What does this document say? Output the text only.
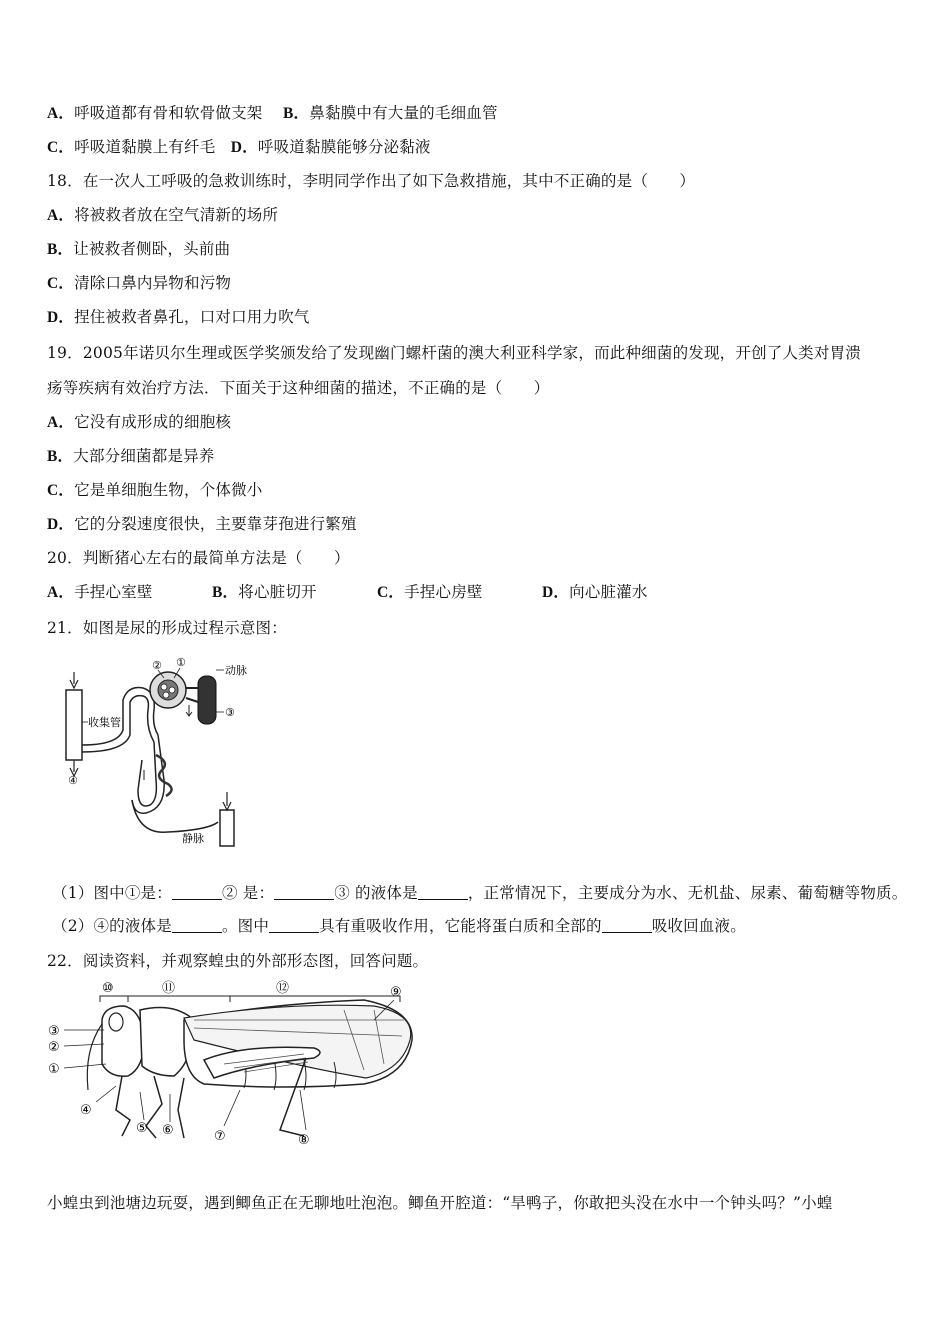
A．呼吸道都有骨和软骨做支架 B．鼻黏膜中有大量的毛细血管
C．呼吸道黏膜上有纤毛 D．呼吸道黏膜能够分泌黏液
18．在一次人工呼吸的急救训练时，李明同学作出了如下急救措施，其中不正确的是（　　）
A．将被救者放在空气清新的场所
B．让被救者侧卧，头前曲
C．清除口鼻内异物和污物
D．捏住被救者鼻孔，口对口用力吹气
19．2005年诺贝尔生理或医学奖颁发给了发现幽门螺杆菌的澳大利亚科学家，而此种细菌的发现，开创了人类对胃溃
疡等疾病有效治疗方法．下面关于这种细菌的描述，不正确的是（　　）
A．它没有成形成的细胞核
B．大部分细菌都是异养
C．它是单细胞生物，个体微小
D．它的分裂速度很快，主要靠芽孢进行繁殖
20．判断猪心左右的最简单方法是（　　）
A．手捏心室壁	B．将心脏切开	C．手捏心房壁	D．向心脏灌水
21．如图是尿的形成过程示意图：
② ①
③
④
动脉
收集管
静脉
（1）图中①是：	② 是：	③ 的液体是	，正常情况下，主要成分为水、无机盐、尿素、葡萄糖等物质。
（2）④的液体是	。图中	具有重吸收作用，它能将蛋白质和全部的	吸收回血液。
22．阅读资料，并观察蝗虫的外部形态图，回答问题。
⑩	⑪	⑫
③
②
①
④
⑤ ⑥	⑦	⑧
⑨
小蝗虫到池塘边玩耍，遇到鲫鱼正在无聊地吐泡泡。鲫鱼开腔道：“旱鸭子，你敢把头没在水中一个钟头吗？”小蝗
